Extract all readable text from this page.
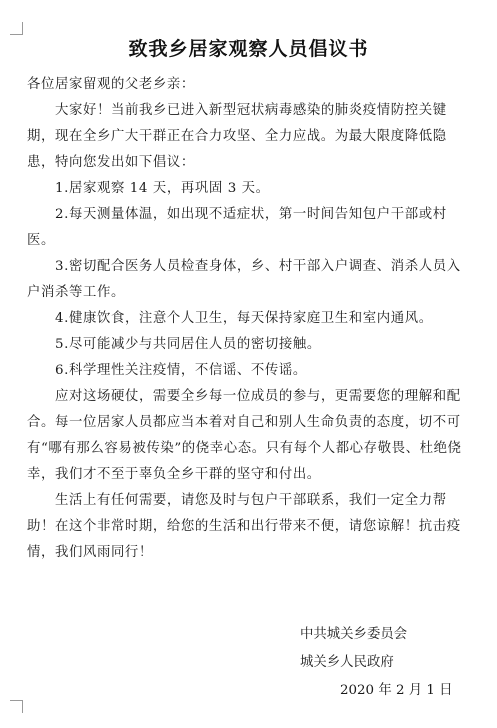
致我乡居家观察人员倡议书

各位居家留观的父老乡亲：

大家好！当前我乡已进入新型冠状病毒感染的肺炎疫情防控关键期，现在全乡广大干群正在合力攻坚、全力应战。为最大限度降低隐患，特向您发出如下倡议：

1.居家观察 14 天，再巩固 3 天。

2.每天测量体温，如出现不适症状，第一时间告知包户干部或村医。

3.密切配合医务人员检查身体，乡、村干部入户调查、消杀人员入户消杀等工作。

4.健康饮食，注意个人卫生，每天保持家庭卫生和室内通风。

5.尽可能减少与共同居住人员的密切接触。

6.科学理性关注疫情，不信谣、不传谣。

应对这场硬仗，需要全乡每一位成员的参与，更需要您的理解和配合。每一位居家人员都应当本着对自己和别人生命负责的态度，切不可有“哪有那么容易被传染”的侥幸心态。只有每个人都心存敬畏、杜绝侥幸，我们才不至于辜负全乡干群的坚守和付出。

生活上有任何需要，请您及时与包户干部联系，我们一定全力帮助！在这个非常时期，给您的生活和出行带来不便，请您谅解！抗击疫情，我们风雨同行！

中共城关乡委员会
城关乡人民政府
2020 年 2 月 1 日
